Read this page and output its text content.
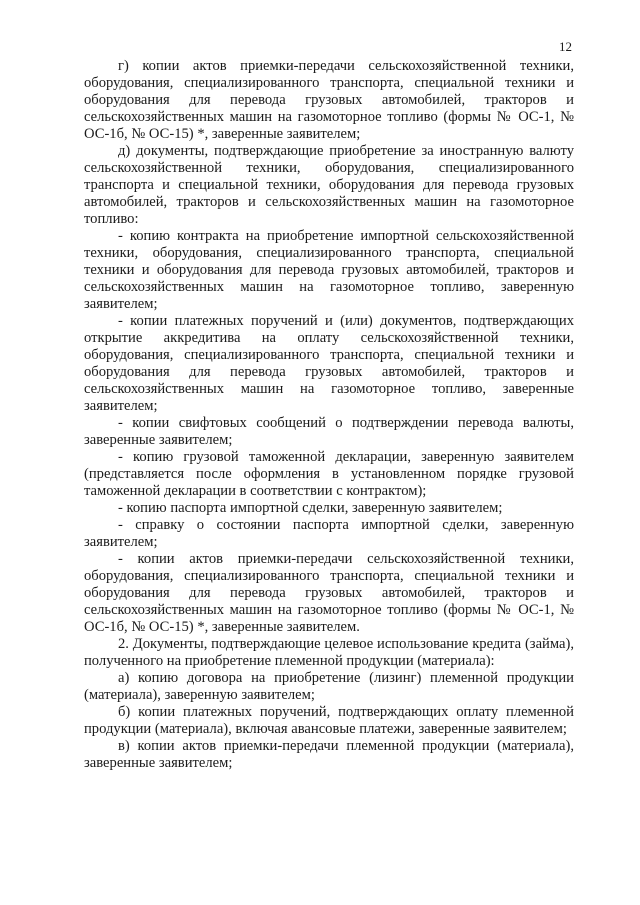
12

г) копии актов приемки-передачи сельскохозяйственной техники, оборудования, специализированного транспорта, специальной техники и оборудования для перевода грузовых автомобилей, тракторов и сельскохозяйственных машин на газомоторное топливо (формы № ОС-1, № ОС-1б, № ОС-15) *, заверенные заявителем;

д) документы, подтверждающие приобретение за иностранную валюту сельскохозяйственной техники, оборудования, специализированного транспорта и специальной техники, оборудования для перевода грузовых автомобилей, тракторов и сельскохозяйственных машин на газомоторное топливо:

- копию контракта на приобретение импортной сельскохозяйственной техники, оборудования, специализированного транспорта, специальной техники и оборудования для перевода грузовых автомобилей, тракторов и сельскохозяйственных машин на газомоторное топливо, заверенную заявителем;

- копии платежных поручений и (или) документов, подтверждающих открытие аккредитива на оплату сельскохозяйственной техники, оборудования, специализированного транспорта, специальной техники и оборудования для перевода грузовых автомобилей, тракторов и сельскохозяйственных машин на газомоторное топливо, заверенные заявителем;

- копии свифтовых сообщений о подтверждении перевода валюты, заверенные заявителем;

- копию грузовой таможенной декларации, заверенную заявителем (представляется после оформления в установленном порядке грузовой таможенной декларации в соответствии с контрактом);

- копию паспорта импортной сделки, заверенную заявителем;

- справку о состоянии паспорта импортной сделки, заверенную заявителем;

- копии актов приемки-передачи сельскохозяйственной техники, оборудования, специализированного транспорта, специальной техники и оборудования для перевода грузовых автомобилей, тракторов и сельскохозяйственных машин на газомоторное топливо (формы № ОС-1, № ОС-1б, № ОС-15) *, заверенные заявителем.

2. Документы, подтверждающие целевое использование кредита (займа), полученного на приобретение племенной продукции (материала):

а) копию договора на приобретение (лизинг) племенной продукции (материала), заверенную заявителем;

б) копии платежных поручений, подтверждающих оплату племенной продукции (материала), включая авансовые платежи, заверенные заявителем;

в) копии актов приемки-передачи племенной продукции (материала), заверенные заявителем;
